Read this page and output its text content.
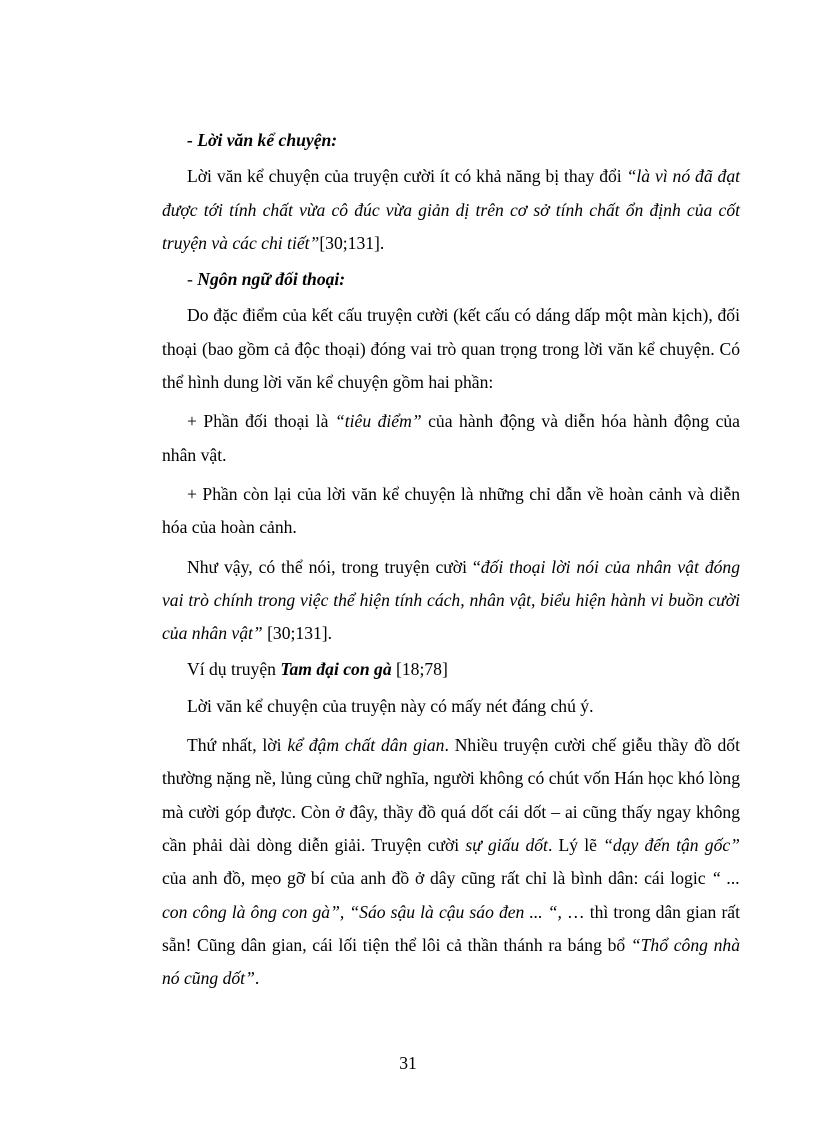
- Lời văn kể chuyện:

Lời văn kể chuyện của truyện cười ít có khả năng bị thay đổi “là vì nó đã đạt được tới tính chất vừa cô đúc vừa giản dị trên cơ sở tính chất ổn định của cốt truyện và các chi tiết”[30;131].

- Ngôn ngữ đối thoại:

Do đặc điểm của kết cấu truyện cười (kết cấu có dáng dấp một màn kịch), đối thoại (bao gồm cả độc thoại) đóng vai trò quan trọng trong lời văn kể chuyện. Có thể hình dung lời văn kể chuyện gồm hai phần:

+ Phần đối thoại là “tiêu điểm” của hành động và diễn hóa hành động của nhân vật.

+ Phần còn lại của lời văn kể chuyện là những chỉ dẫn về hoàn cảnh và diễn hóa của hoàn cảnh.

Như vậy, có thể nói, trong truyện cười “đối thoại lời nói của nhân vật đóng vai trò chính trong việc thể hiện tính cách, nhân vật, biểu hiện hành vi buồn cười của nhân vật” [30;131].

Ví dụ truyện Tam đại con gà [18;78]

Lời văn kể chuyện của truyện này có mấy nét đáng chú ý.

Thứ nhất, lời kể đậm chất dân gian. Nhiều truyện cười chế giễu thầy đồ dốt thường nặng nề, lủng củng chữ nghĩa, người không có chút vốn Hán học khó lòng mà cười góp được. Còn ở đây, thầy đồ quá dốt cái dốt – ai cũng thấy ngay không cần phải dài dòng diễn giải. Truyện cười sự giấu dốt. Lý lẽ “dạy đến tận gốc” của anh đồ, mẹo gỡ bí của anh đồ ở dây cũng rất chỉ là bình dân: cái logic “ ... con công là ông con gà”, “Sáo sậu là cậu sáo đen ... “, … thì trong dân gian rất sẵn! Cũng dân gian, cái lối tiện thể lôi cả thần thánh ra báng bổ “Thổ công nhà nó cũng dốt”.

31
